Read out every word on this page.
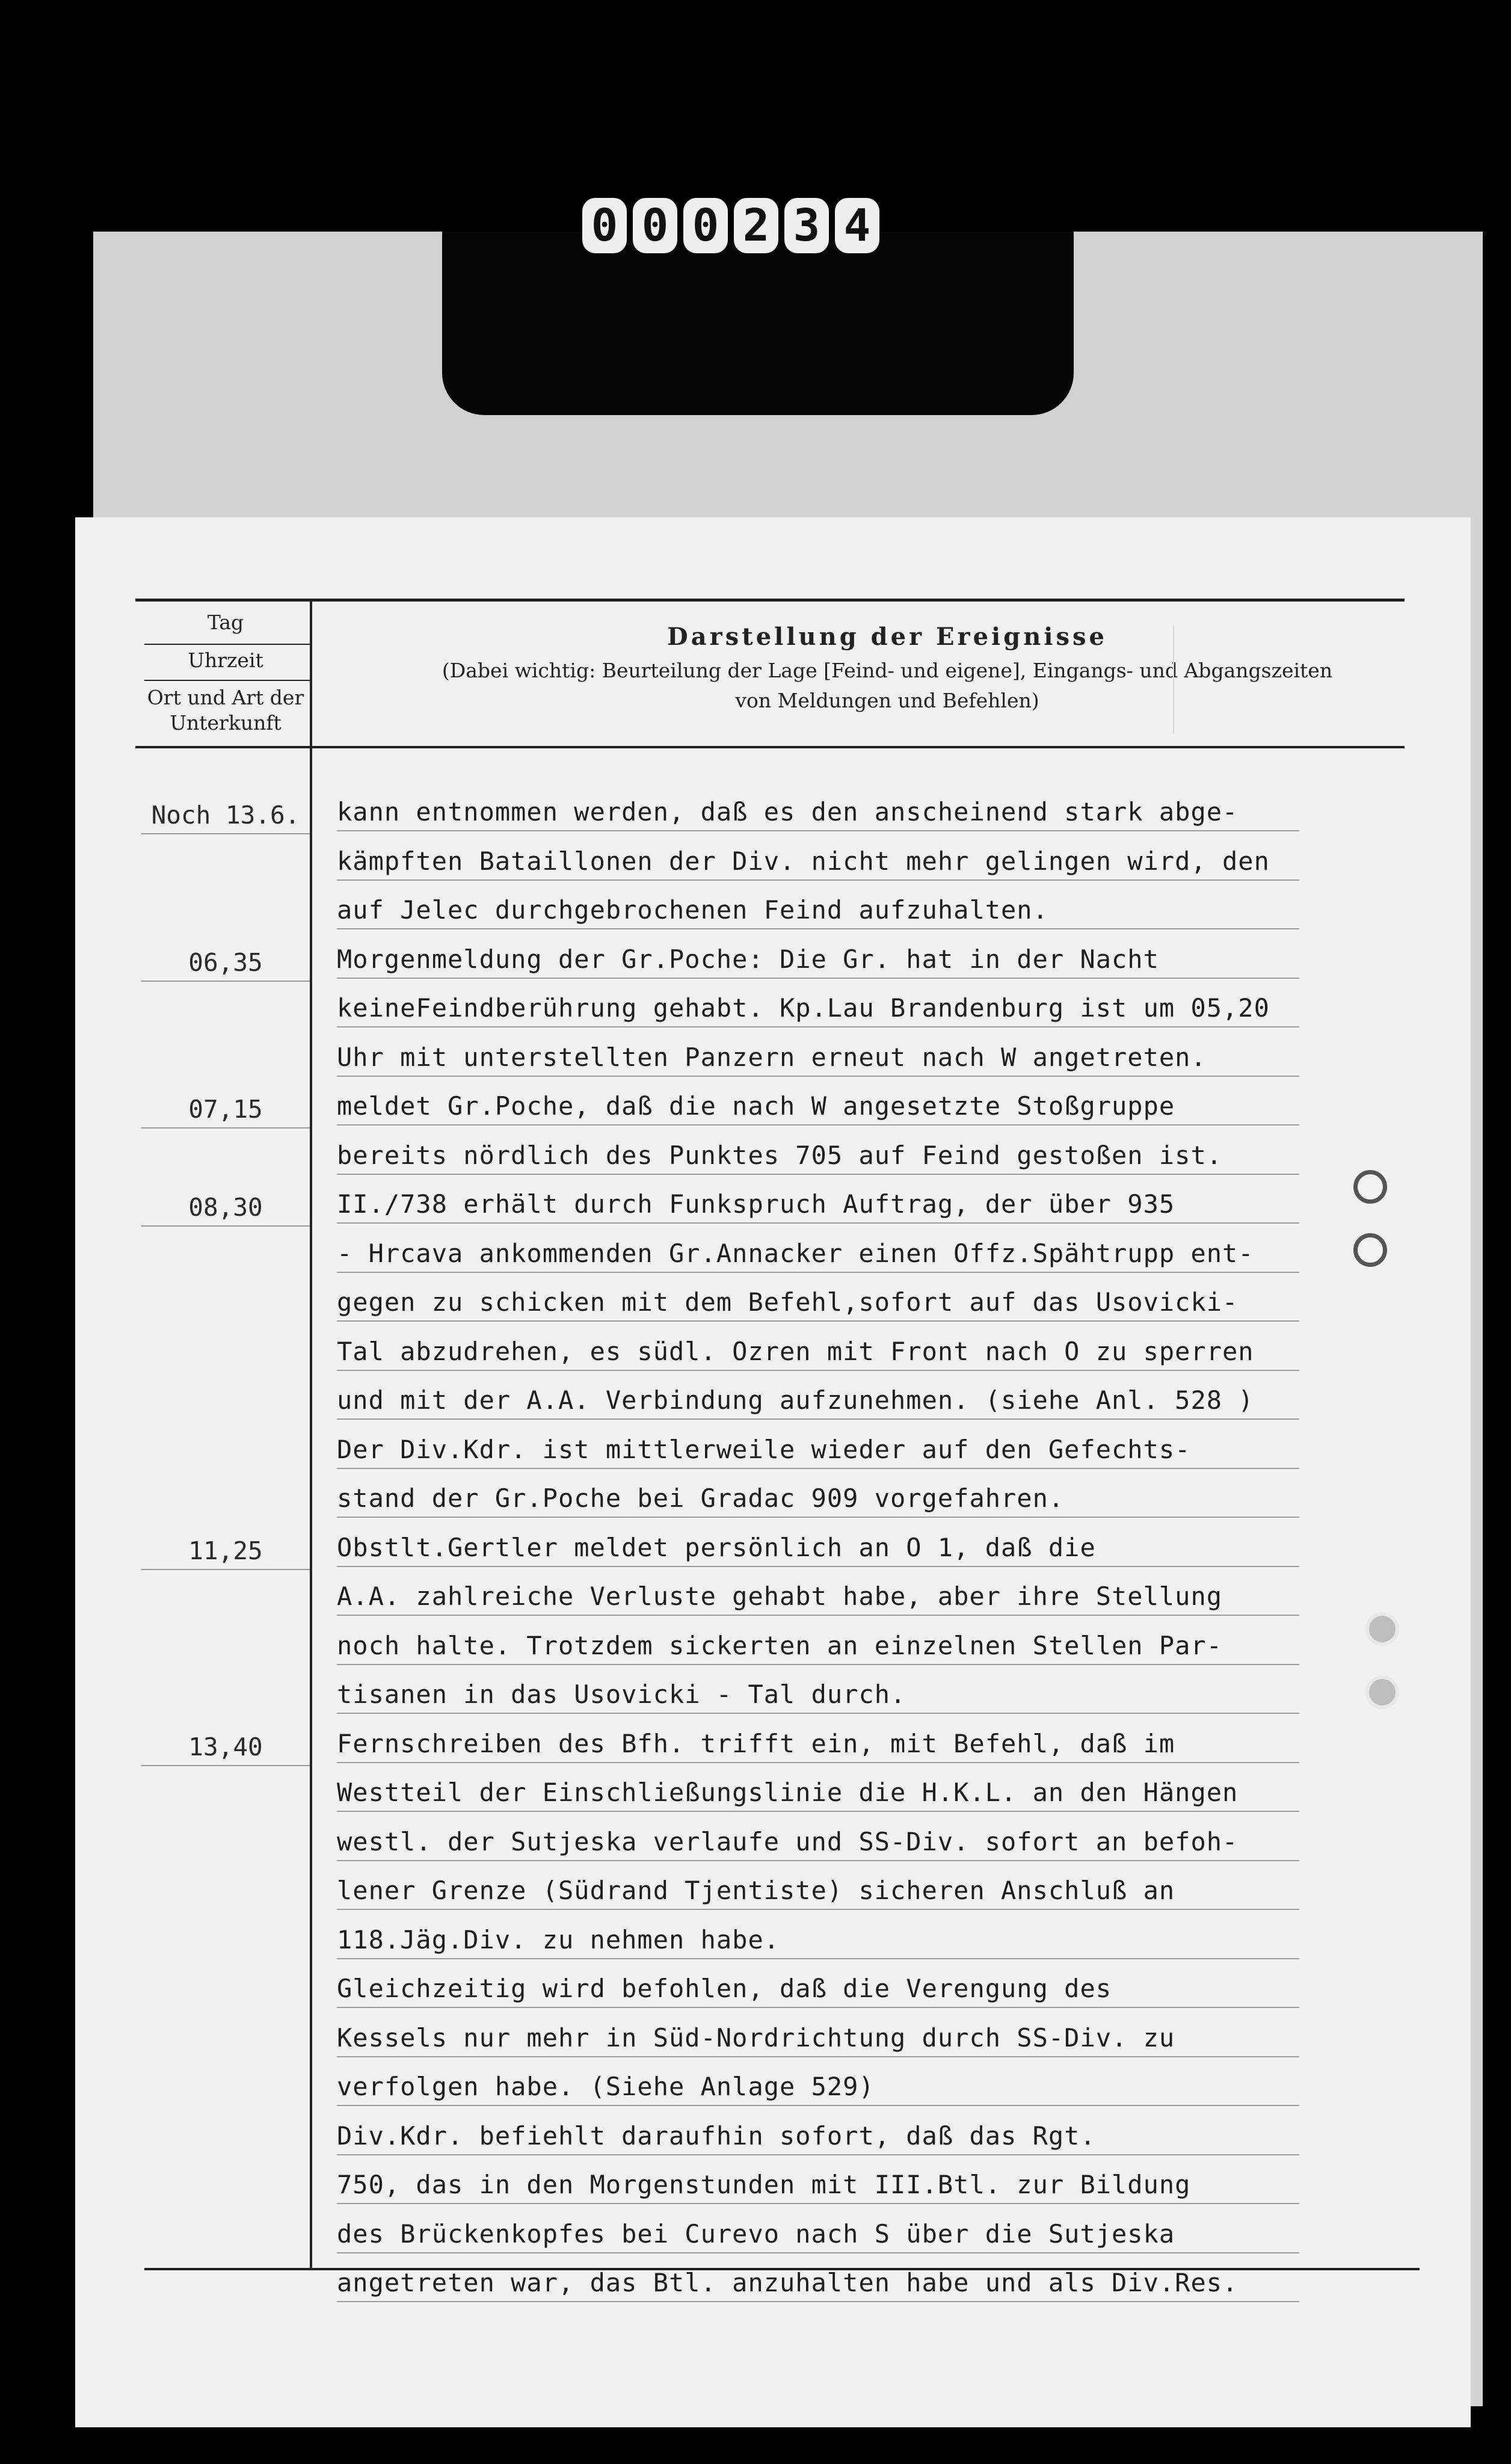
0 0 0 2 3 4
Tag
Uhrzeit
Ort und Art der
Unterkunft
Darstellung der Ereignisse
(Dabei wichtig: Beurteilung der Lage [Feind- und eigene], Eingangs- und Abgangszeiten
von Meldungen und Befehlen)
Noch 13.6.	kann entnommen werden, daß es den anscheinend stark abge-
kämpften Bataillonen der Div. nicht mehr gelingen wird, den
auf Jelec durchgebrochenen Feind aufzuhalten.
06,35	Morgenmeldung der Gr.Poche: Die Gr. hat in der Nacht
keineFeindberührung gehabt. Kp.Lau Brandenburg ist um 05,20
Uhr mit unterstellten Panzern erneut nach W angetreten.
07,15	meldet Gr.Poche, daß die nach W angesetzte Stoßgruppe
bereits nördlich des Punktes 705 auf Feind gestoßen ist.
08,30	II./738 erhält durch Funkspruch Auftrag, der über 935
- Hrcava ankommenden Gr.Annacker einen Offz.Spähtrupp ent-
gegen zu schicken mit dem Befehl,sofort auf das Usovicki-
Tal abzudrehen, es südl. Ozren mit Front nach O zu sperren
und mit der A.A. Verbindung aufzunehmen. (siehe Anl. 528 )
Der Div.Kdr. ist mittlerweile wieder auf den Gefechts-
stand der Gr.Poche bei Gradac 909 vorgefahren.
11,25	Obstlt.Gertler meldet persönlich an O 1, daß die
A.A. zahlreiche Verluste gehabt habe, aber ihre Stellung
noch halte. Trotzdem sickerten an einzelnen Stellen Par-
tisanen in das Usovicki - Tal durch.
13,40	Fernschreiben des Bfh. trifft ein, mit Befehl, daß im
Westteil der Einschließungslinie die H.K.L. an den Hängen
westl. der Sutjeska verlaufe und SS-Div. sofort an befoh-
lener Grenze (Südrand Tjentiste) sicheren Anschluß an
118.Jäg.Div. zu nehmen habe.
Gleichzeitig wird befohlen, daß die Verengung des
Kessels nur mehr in Süd-Nordrichtung durch SS-Div. zu
verfolgen habe. (Siehe Anlage 529)
Div.Kdr. befiehlt daraufhin sofort, daß das Rgt.
750, das in den Morgenstunden mit III.Btl. zur Bildung
des Brückenkopfes bei Curevo nach S über die Sutjeska
angetreten war, das Btl. anzuhalten habe und als Div.Res.
